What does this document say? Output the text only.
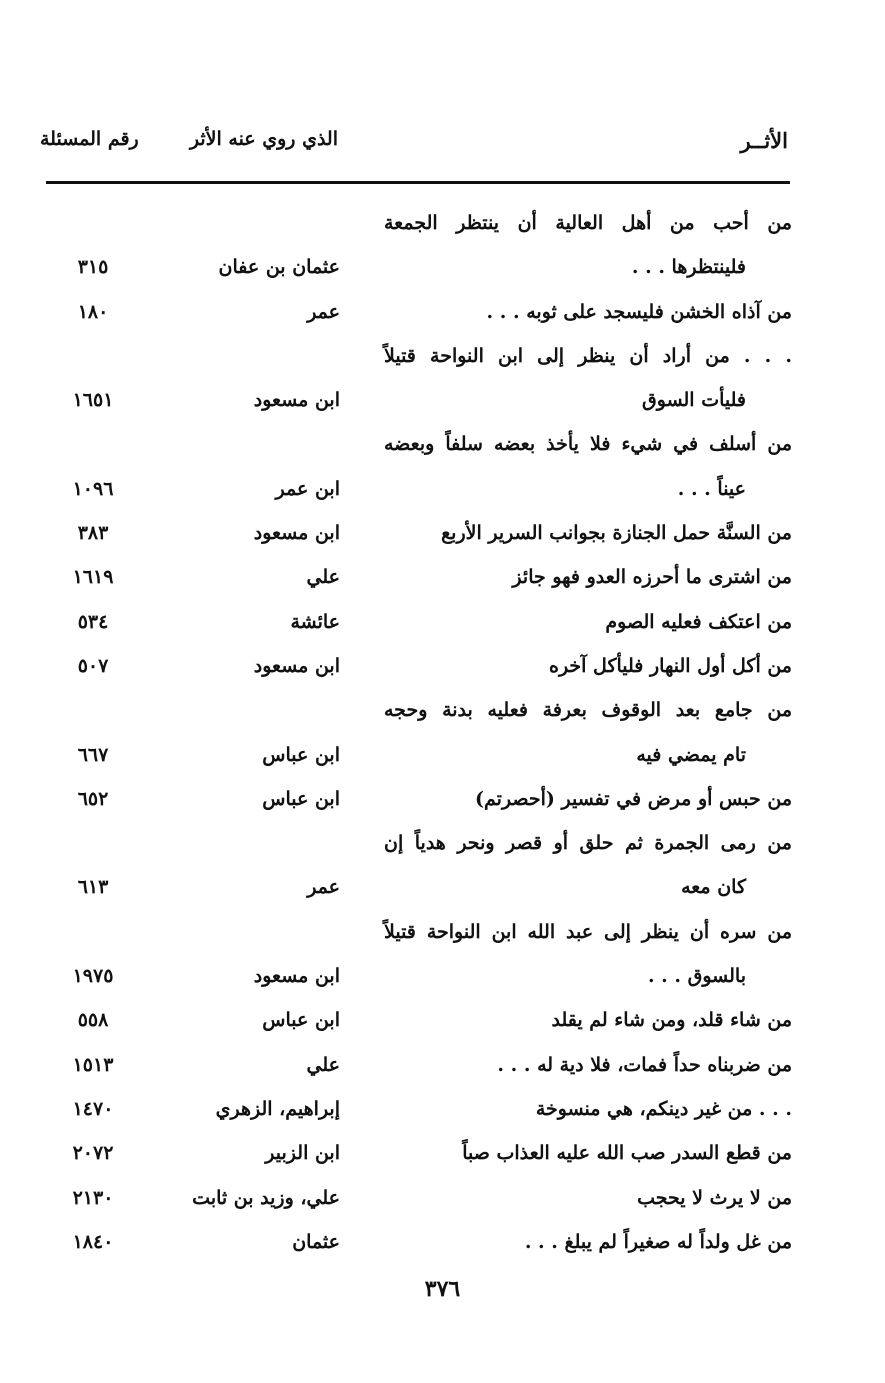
الأثــر
الذي روي عنه الأثر
رقم المسئلة
من أحب من أهل العالية أن ينتظر الجمعة
فلينتظرها . . .
عثمان بن عفان
٣١٥
من آذاه الخشن فليسجد على ثوبه . . .
عمر
١٨٠
. . . من أراد أن ينظر إلى ابن النواحة قتيلاً
فليأت السوق
ابن مسعود
١٦٥١
من أسلف في شيء فلا يأخذ بعضه سلفاً وبعضه
عيناً . . .
ابن عمر
١٠٩٦
من السنَّة حمل الجنازة بجوانب السرير الأربع
ابن مسعود
٣٨٣
من اشترى ما أحرزه العدو فهو جائز
علي
١٦١٩
من اعتكف فعليه الصوم
عائشة
٥٣٤
من أكل أول النهار فليأكل آخره
ابن مسعود
٥٠٧
من جامع بعد الوقوف بعرفة فعليه بدنة وحجه
تام يمضي فيه
ابن عباس
٦٦٧
من حبس أو مرض في تفسير (أحصرتم)
ابن عباس
٦٥٢
من رمى الجمرة ثم حلق أو قصر ونحر هدياً إن
كان معه
عمر
٦١٣
من سره أن ينظر إلى عبد الله ابن النواحة قتيلاً
بالسوق . . .
ابن مسعود
١٩٧٥
من شاء قلد، ومن شاء لم يقلد
ابن عباس
٥٥٨
من ضربناه حداً فمات، فلا دية له . . .
علي
١٥١٣
. . . من غير دينكم، هي منسوخة
إبراهيم، الزهري
١٤٧٠
من قطع السدر صب الله عليه العذاب صباً
ابن الزبير
٢٠٧٢
من لا يرث لا يحجب
علي، وزيد بن ثابت
٢١٣٠
من غل ولداً له صغيراً لم يبلغ . . .
عثمان
١٨٤٠
٣٧٦
